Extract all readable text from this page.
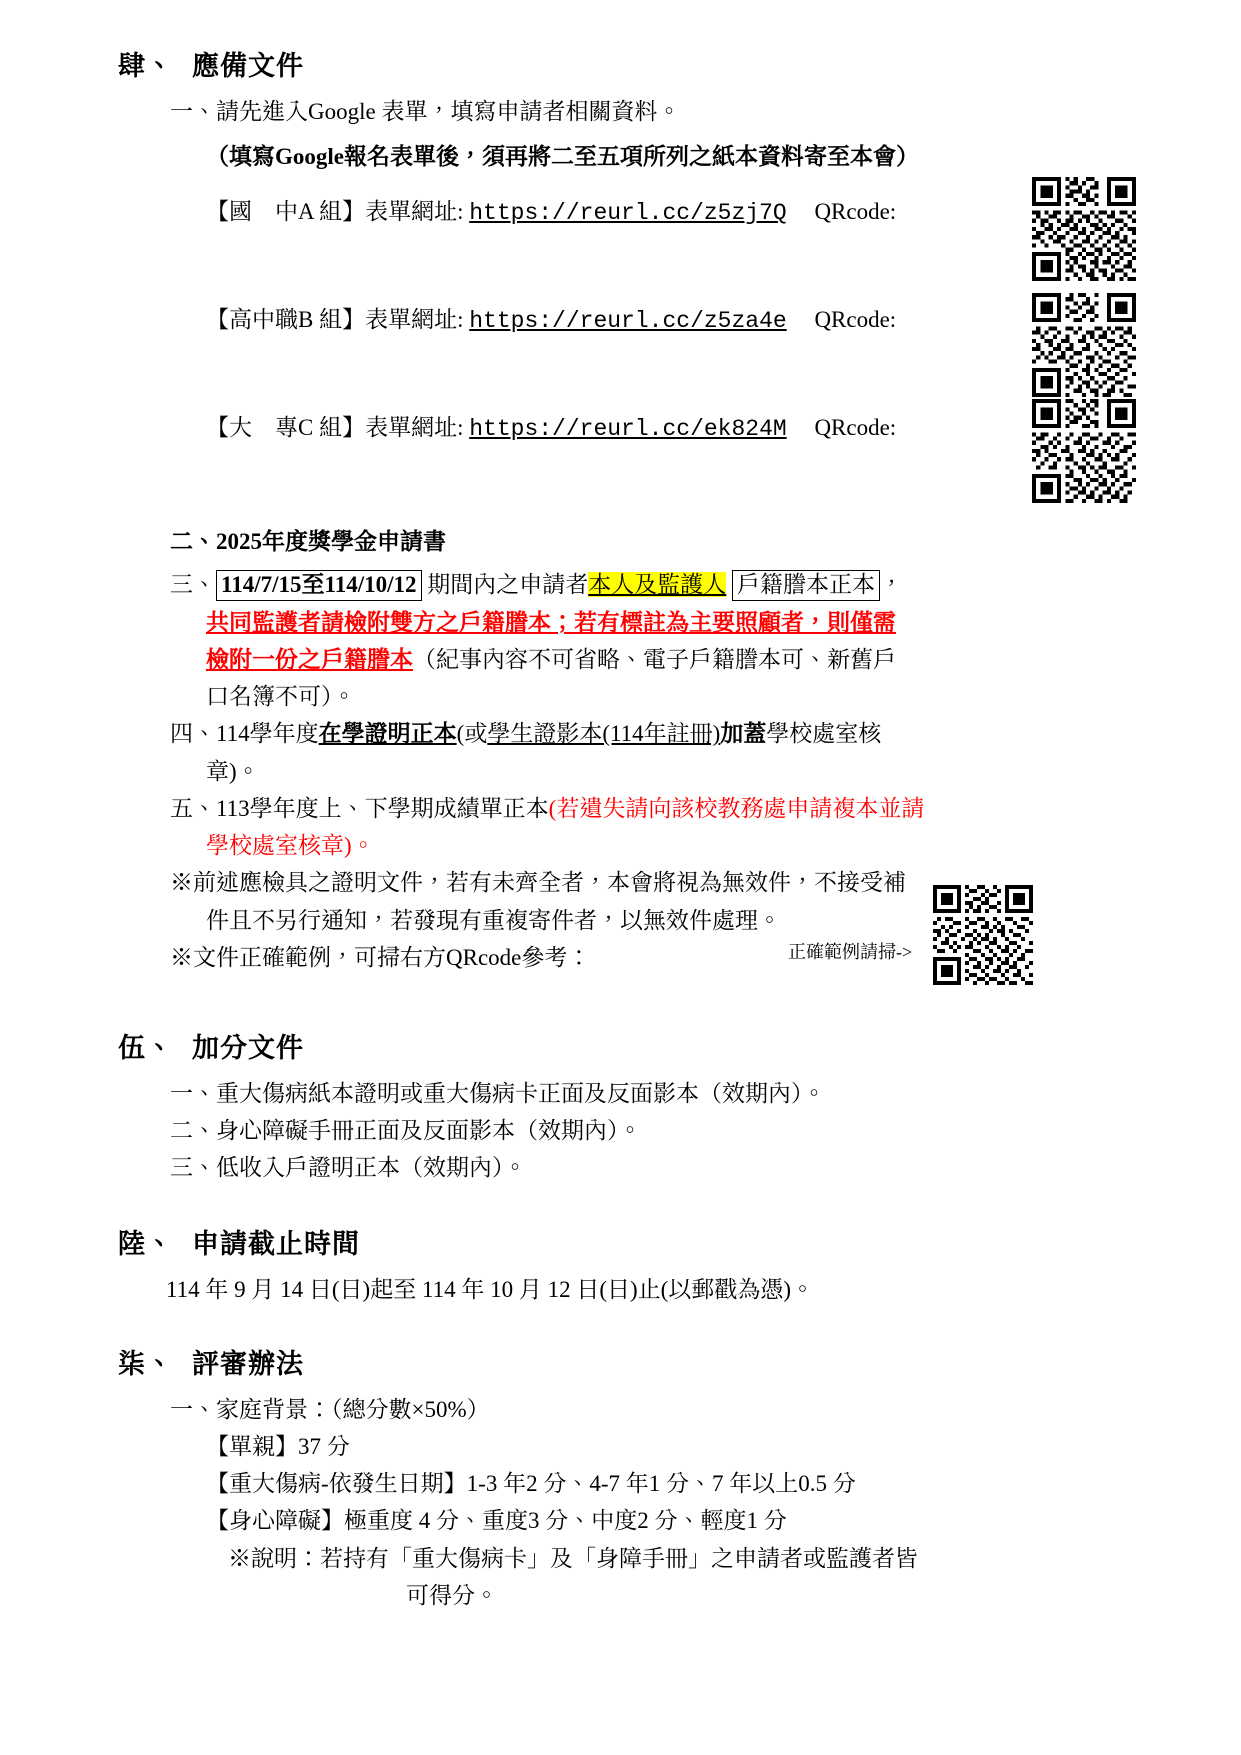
肆、 應備文件
一、請先進入Google 表單，填寫申請者相關資料。
（填寫Google報名表單後，須再將二至五項所列之紙本資料寄至本會）
【國　中A 組】表單網址: https://reurl.cc/z5zj7Q QRcode:
【高中職B 組】表單網址: https://reurl.cc/z5za4e QRcode:
【大　專C 組】表單網址: https://reurl.cc/ek824M QRcode:
二、2025年度獎學金申請書
三、 114/7/15至114/10/12 期間內之申請者本人及監護人 戶籍謄本正本 ，
共同監護者請檢附雙方之戶籍謄本；若有標註為主要照顧者，則僅需
檢附一份之戶籍謄本（紀事內容不可省略、電子戶籍謄本可、新舊戶
口名簿不可）。
四、114學年度在學證明正本(或學生證影本(114年註冊)加蓋學校處室核
章)。
五、113學年度上、下學期成績單正本(若遺失請向該校教務處申請複本並請
學校處室核章)。
※前述應檢具之證明文件，若有未齊全者，本會將視為無效件，不接受補
件且不另行通知，若發現有重複寄件者，以無效件處理。
※文件正確範例，可掃右方QRcode參考：
伍、 加分文件
一、重大傷病紙本證明或重大傷病卡正面及反面影本（效期內）。
二、身心障礙手冊正面及反面影本（效期內）。
三、低收入戶證明正本（效期內）。
陸、 申請截止時間
114 年 9 月 14 日(日)起至 114 年 10 月 12 日(日)止(以郵戳為憑)。
柒、 評審辦法
一、家庭背景：（總分數×50%）
【單親】37 分
【重大傷病-依發生日期】1-3 年2 分、4-7 年1 分、7 年以上0.5 分
【身心障礙】極重度 4 分、重度3 分、中度2 分、輕度1 分
※說明：若持有「重大傷病卡」及「身障手冊」之申請者或監護者皆
可得分。
正確範例請掃->
